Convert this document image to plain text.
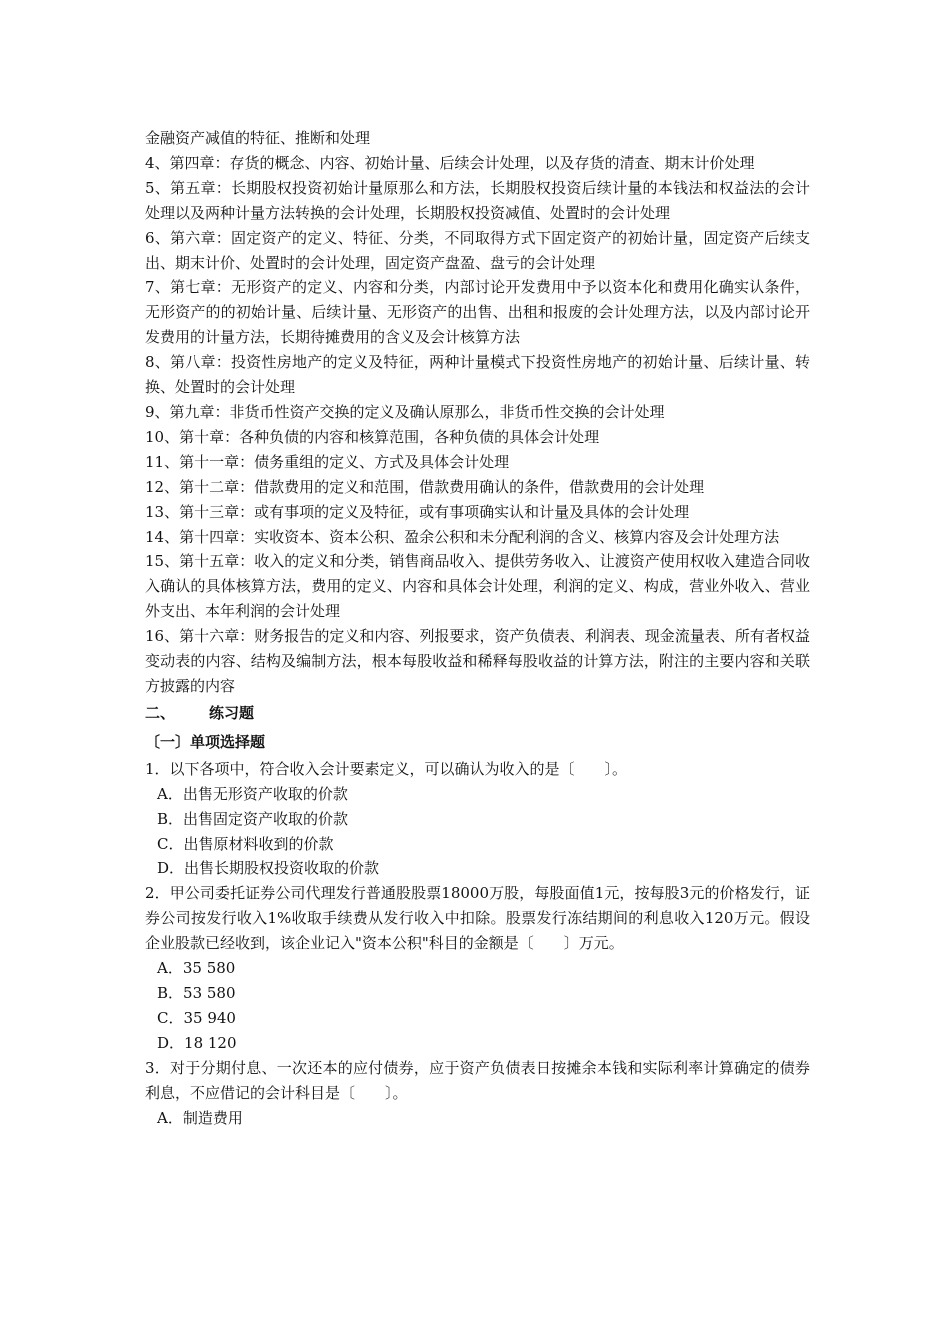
金融资产减值的特征、推断和处理

4、第四章：存货的概念、内容、初始计量、后续会计处理，以及存货的清查、期末计价处理

5、第五章：长期股权投资初始计量原那么和方法，长期股权投资后续计量的本钱法和权益法的会计处理以及两种计量方法转换的会计处理，长期股权投资减值、处置时的会计处理

6、第六章：固定资产的定义、特征、分类，不同取得方式下固定资产的初始计量，固定资产后续支出、期末计价、处置时的会计处理，固定资产盘盈、盘亏的会计处理

7、第七章：无形资产的定义、内容和分类，内部讨论开发费用中予以资本化和费用化确实认条件，无形资产的的初始计量、后续计量、无形资产的出售、出租和报废的会计处理方法，以及内部讨论开发费用的计量方法，长期待摊费用的含义及会计核算方法

8、第八章：投资性房地产的定义及特征，两种计量模式下投资性房地产的初始计量、后续计量、转换、处置时的会计处理

9、第九章：非货币性资产交换的定义及确认原那么，非货币性交换的会计处理

10、第十章：各种负债的内容和核算范围，各种负债的具体会计处理

11、第十一章：债务重组的定义、方式及具体会计处理

12、第十二章：借款费用的定义和范围，借款费用确认的条件，借款费用的会计处理

13、第十三章：或有事项的定义及特征，或有事项确实认和计量及具体的会计处理

14、第十四章：实收资本、资本公积、盈余公积和未分配利润的含义、核算内容及会计处理方法

15、第十五章：收入的定义和分类，销售商品收入、提供劳务收入、让渡资产使用权收入建造合同收入确认的具体核算方法，费用的定义、内容和具体会计处理，利润的定义、构成，营业外收入、营业外支出、本年利润的会计处理

16、第十六章：财务报告的定义和内容、列报要求，资产负债表、利润表、现金流量表、所有者权益变动表的内容、结构及编制方法，根本每股收益和稀释每股收益的计算方法，附注的主要内容和关联方披露的内容

二、 练习题

〔一〕单项选择题

1．以下各项中，符合收入会计要素定义，可以确认为收入的是〔　　〕。

A．出售无形资产收取的价款

B．出售固定资产收取的价款

C．出售原材料收到的价款

D．出售长期股权投资收取的价款

2．甲公司委托证券公司代理发行普通股股票18000万股，每股面值1元，按每股3元的价格发行，证券公司按发行收入1%收取手续费从发行收入中扣除。股票发行冻结期间的利息收入120万元。假设企业股款已经收到，该企业记入"资本公积"科目的金额是〔　　〕万元。

A．35 580

B．53 580

C．35 940

D．18 120

3．对于分期付息、一次还本的应付债券，应于资产负债表日按摊余本钱和实际利率计算确定的债券利息，不应借记的会计科目是〔　　〕。

A．制造费用
